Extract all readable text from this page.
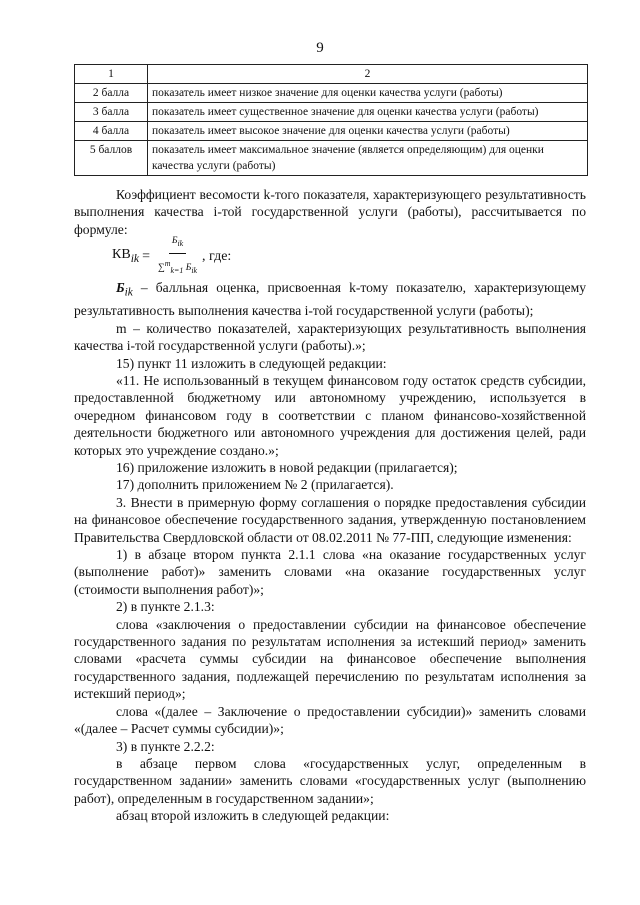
9
1	2
2 балла	показатель имеет низкое значение для оценки качества услуги (работы)
3 балла	показатель имеет существенное значение для оценки качества услуги (работы)
4 балла	показатель имеет высокое значение для оценки качества услуги (работы)
5 баллов	показатель имеет максимальное значение (является определяющим) для оценки качества услуги (работы)

Коэффициент весомости k-того показателя, характеризующего результативность выполнения качества i-той государственной услуги (работы), рассчитывается по формуле:

$КВ_{ik} = \frac{Б_{ik}}{\sum^m_{k=1} Б_{ik}}$ , где:

$Б_{ik}$ – балльная оценка, присвоенная k-тому показателю, характеризующему результативность выполнения качества i-той государственной услуги (работы);

m – количество показателей, характеризующих результативность выполнения качества i-той государственной услуги (работы).»;

15) пункт 11 изложить в следующей редакции:

«11. Не использованный в текущем финансовом году остаток средств субсидии, предоставленной бюджетному или автономному учреждению, используется в очередном финансовом году в соответствии с планом финансово-хозяйственной деятельности бюджетного или автономного учреждения для достижения целей, ради которых это учреждение создано.»;

16) приложение изложить в новой редакции (прилагается);

17) дополнить приложением № 2 (прилагается).

3. Внести в примерную форму соглашения о порядке предоставления субсидии на финансовое обеспечение государственного задания, утвержденную постановлением Правительства Свердловской области от 08.02.2011 № 77-ПП, следующие изменения:

1) в абзаце втором пункта 2.1.1 слова «на оказание государственных услуг (выполнение работ)» заменить словами «на оказание государственных услуг (стоимости выполнения работ)»;

2) в пункте 2.1.3:

слова «заключения о предоставлении субсидии на финансовое обеспечение государственного задания по результатам исполнения за истекший период» заменить словами «расчета суммы субсидии на финансовое обеспечение выполнения государственного задания, подлежащей перечислению по результатам исполнения за истекший период»;

слова «(далее – Заключение о предоставлении субсидии)» заменить словами «(далее – Расчет суммы субсидии)»;

3) в пункте 2.2.2:

в абзаце первом слова «государственных услуг, определенным в государственном задании» заменить словами «государственных услуг (выполнению работ), определенным в государственном задании»;

абзац второй изложить в следующей редакции:
